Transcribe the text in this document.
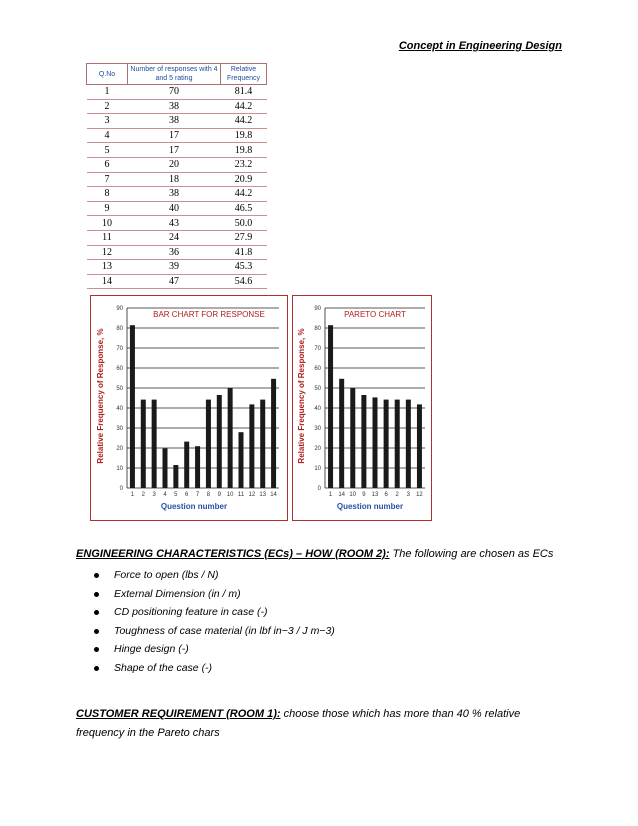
Concept in Engineering Design
Q.No	Number of responses with 4 and 5 rating	Relative Frequency
1	70	81.4
2	38	44.2
3	38	44.2
4	17	19.8
5	17	19.8
6	20	23.2
7	18	20.9
8	38	44.2
9	40	46.5
10	43	50.0
11	24	27.9
12	36	41.8
13	39	45.3
14	47	54.6
BAR CHART FOR RESPONSE
Relative Frequency of Response, %
Question number
0
10
20
30
40
50
60
70
80
90
1 2 3 4 5 6 7 8 9 10 11 12 13 14
PARETO CHART
Relative Frequency of Response, %
Question number
0
10
20
30
40
50
60
70
80
90
1 14 10 9 13 6 2 3 12
ENGINEERING CHARACTERISTICS (ECs) – HOW (ROOM 2): The following are chosen as ECs
Force to open (lbs / N)
External Dimension (in / m)
CD positioning feature in case (-)
Toughness of case material (in lbf in−3 / J m−3)
Hinge design (-)
Shape of the case (-)
CUSTOMER REQUIREMENT (ROOM 1): choose those which has more than 40 % relative frequency in the Pareto chars
